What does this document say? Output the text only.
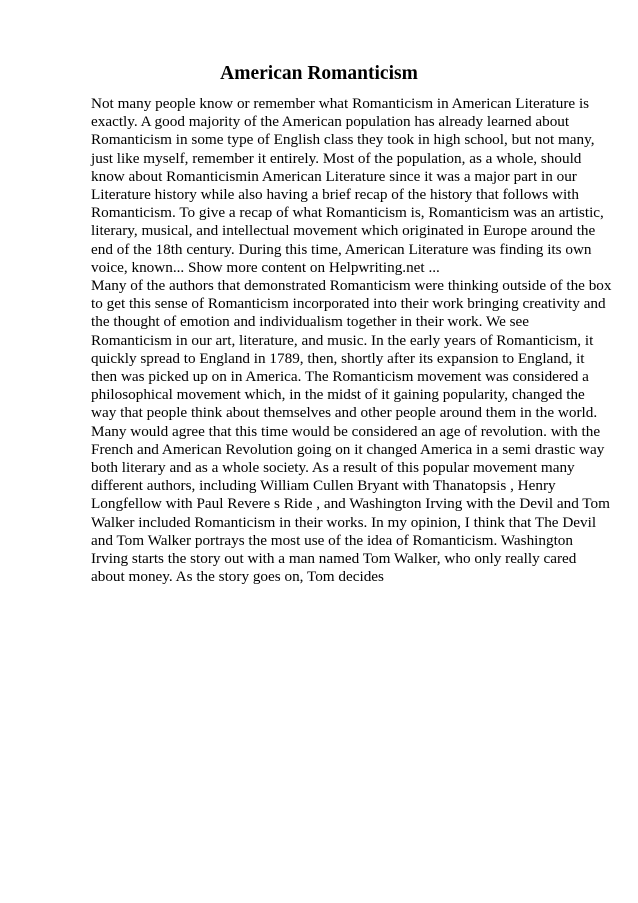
American Romanticism
Not many people know or remember what Romanticism in American Literature is
exactly. A good majority of the American population has already learned about
Romanticism in some type of English class they took in high school, but not many,
just like myself, remember it entirely. Most of the population, as a whole, should
know about Romanticismin American Literature since it was a major part in our
Literature history while also having a brief recap of the history that follows with
Romanticism. To give a recap of what Romanticism is, Romanticism was an artistic,
literary, musical, and intellectual movement which originated in Europe around the
end of the 18th century. During this time, American Literature was finding its own
voice, known... Show more content on Helpwriting.net ...
Many of the authors that demonstrated Romanticism were thinking outside of the box
to get this sense of Romanticism incorporated into their work bringing creativity and
the thought of emotion and individualism together in their work. We see
Romanticism in our art, literature, and music. In the early years of Romanticism, it
quickly spread to England in 1789, then, shortly after its expansion to England, it
then was picked up on in America. The Romanticism movement was considered a
philosophical movement which, in the midst of it gaining popularity, changed the
way that people think about themselves and other people around them in the world.
Many would agree that this time would be considered an age of revolution. with the
French and American Revolution going on it changed America in a semi drastic way
both literary and as a whole society. As a result of this popular movement many
different authors, including William Cullen Bryant with Thanatopsis , Henry
Longfellow with Paul Revere s Ride , and Washington Irving with the Devil and Tom
Walker included Romanticism in their works. In my opinion, I think that The Devil
and Tom Walker portrays the most use of the idea of Romanticism. Washington
Irving starts the story out with a man named Tom Walker, who only really cared
about money. As the story goes on, Tom decides
